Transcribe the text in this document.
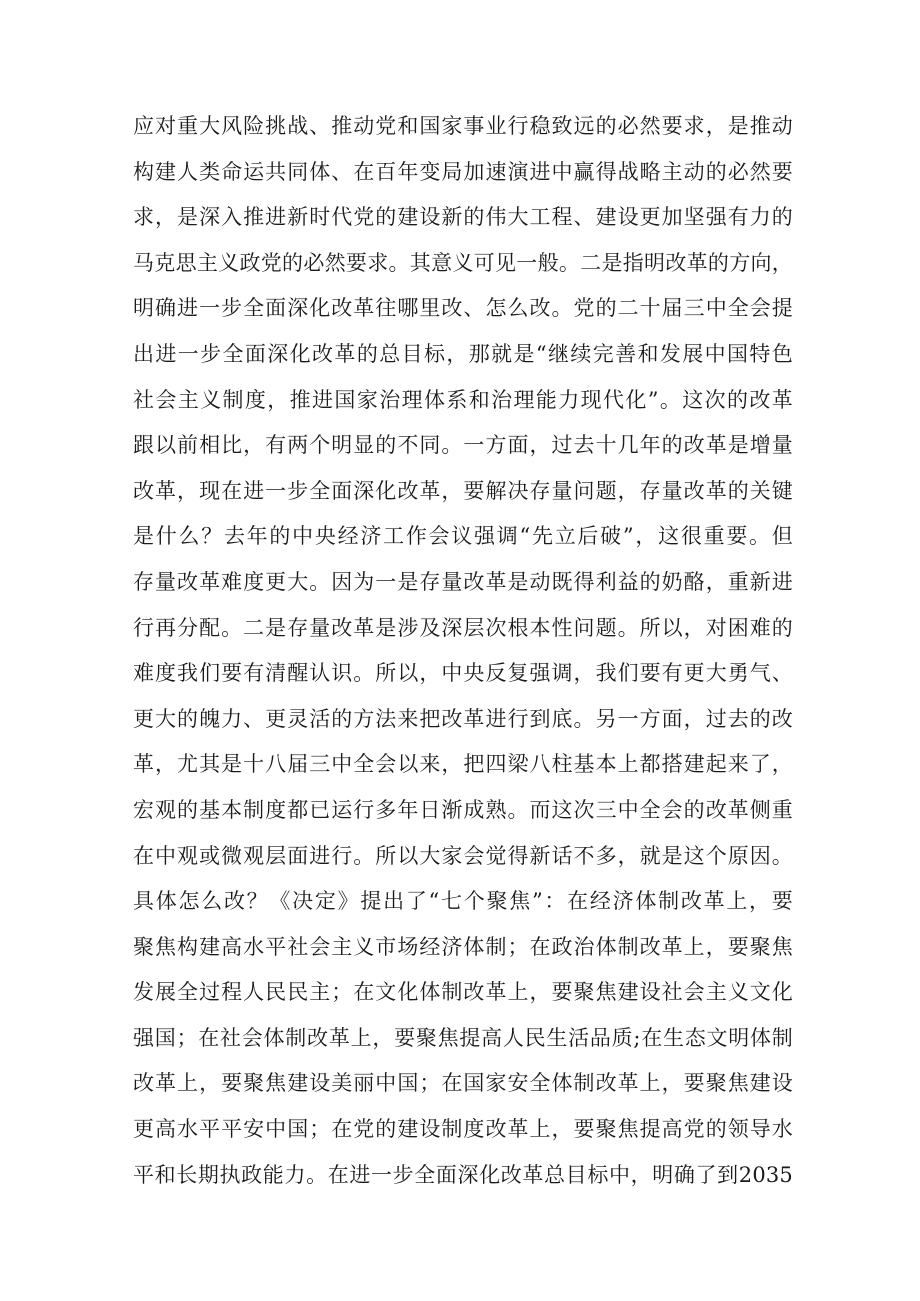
应对重大风险挑战、推动党和国家事业行稳致远的必然要求，是推动
构建人类命运共同体、在百年变局加速演进中赢得战略主动的必然要
求，是深入推进新时代党的建设新的伟大工程、建设更加坚强有力的
马克思主义政党的必然要求。其意义可见一般。二是指明改革的方向，
明确进一步全面深化改革往哪里改、怎么改。党的二十届三中全会提
出进一步全面深化改革的总目标，那就是“继续完善和发展中国特色
社会主义制度，推进国家治理体系和治理能力现代化”。这次的改革
跟以前相比，有两个明显的不同。一方面，过去十几年的改革是增量
改革，现在进一步全面深化改革，要解决存量问题，存量改革的关键
是什么？去年的中央经济工作会议强调“先立后破”，这很重要。但
存量改革难度更大。因为一是存量改革是动既得利益的奶酪，重新进
行再分配。二是存量改革是涉及深层次根本性问题。所以，对困难的
难度我们要有清醒认识。所以，中央反复强调，我们要有更大勇气、
更大的魄力、更灵活的方法来把改革进行到底。另一方面，过去的改
革，尤其是十八届三中全会以来，把四梁八柱基本上都搭建起来了，
宏观的基本制度都已运行多年日渐成熟。而这次三中全会的改革侧重
在中观或微观层面进行。所以大家会觉得新话不多，就是这个原因。
具体怎么改？《决定》提出了“七个聚焦”：在经济体制改革上，要
聚焦构建高水平社会主义市场经济体制；在政治体制改革上，要聚焦
发展全过程人民民主；在文化体制改革上，要聚焦建设社会主义文化
强国；在社会体制改革上，要聚焦提高人民生活品质;在生态文明体制
改革上，要聚焦建设美丽中国；在国家安全体制改革上，要聚焦建设
更高水平平安中国；在党的建设制度改革上，要聚焦提高党的领导水
平和长期执政能力。在进一步全面深化改革总目标中，明确了到2035
